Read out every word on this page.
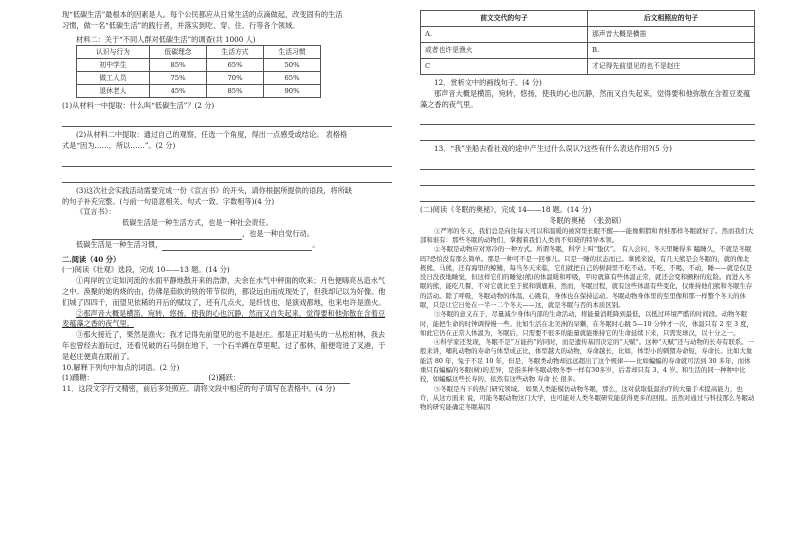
现“低碳生活”最根本的因素是人。每个公民都应从日常生活的点滴做起，改变固有的生活

习惯，做一名“低碳生活”的践行者，并落实到吃、穿、住、行等各个领域。

材料二：关于“不同人群对低碳生活”的调查(共 1000 人)

认识与行为	低碳理念	生活方式	生活习惯
初中学生	85%	65%	50%
做工人员	75%	70%	65%
退休老人	45%	85%	90%

(1)从材料一中提取：什么叫“低碳生活”？(2 分)

(2)从材料二中提取：通过自己的观察，任选一个角度，得出一点感受或结论。 表格格

式是“因为……，所以……”。(2 分)

(3)这次社会实践活动需要完成一份《宣言书》的开头，请你根据所提供的语段，将所缺

的句子补充完整。(与前一句语意相关、句式一致、字数相等)(4 分)

《宣言书》：

低碳生活是一种生活方式，也是一种社会责任。

，也是一种自觉行动。

低碳生活是一种生活习惯，	。

二.阅读（40 分）

(一)阅读《壮观》选段，完成 10——13 题。(14 分)

①再岸的立定如河流的水面平静地散开来的浩渺，夫余在水气中秤面的吹来；月色便嗨亮丛造水气之中。涣聚的她的烧的由，仿佛是茹软的铁的带节似的，都设远由而成现处了，但我却记以为好像。他们城了四四千，而望见依稀的开后的赋坟了，还有几点火，是纤忧也，是演戏都地，也来电许是渔火。

②那声音大概是横笛，宛转，悠扬，使我的心也沉静，然而又自失起来，觉得要和他弥散在含着豆麦蕴藻之香的夜气里。

③那火接近了，果然是渔火；我才记得先前望见的也不是赵庄。那是正对船头的一丛松柏林，我去年也曾经去游玩过，还看见破的石马倒在地下，一个石羊蹲在草里呢。过了那林，船便弯进了叉港，于是赵庄便真在眼前了。

10.解释下列句中加点的词语。(2 分)

(1)蹑糖：	(2)踊跃：

11．这段文字行文精密，前后多处照应。请将文段中相应的句子填写在表格中。(4 分)

前文交代的句子	后文相照应的句子
A.	那声音大概是横笛
或者也许是渔火	B.
C	才记得先前望见的也不是赵庄

12．赏析文中的画线句子。(4 分)

那声音大概是横笛，宛转，悠扬，使我的心也沉静，然而又自失起来，觉得要和他弥散在含着豆麦蕴藻之香的夜气里。

13．“我”坐船去看社戏的途中产生过什么误认?这些有什么表达作用?(5 分)

(二)阅读《冬眠的奥秘》，完成 14——18 题。(14 分)

冬眠的奥秘 （张劲硕）

①严寒的冬天，我们总是向往每天可以和温暖的被窝里长眠不醒——能像刺猬和青蛙那样冬眠就好了。然而我们大部和谁有：那些冬眠的动物们，掌握着我们人类尚不知晓的特异本领。

②冬眠是动物应对寒冷的一种方式。所谓冬眠，科学上叫“蛰伏”。 有人会问，冬天里睡得多 瞌睡久，不就是冬眠吗?恐怕没有那么简单。那是一种可不是一回事儿。只是一睡的状态而已。拿熊来说，有几天熊是会冬眠的，就的像北极熊、马熊，还有海里的鲸鳍，每当冬天来临，它们就把自己的树洞里不吃不动。不吃、不喝、不动，睡——就是仅是没日没夜地睡觉，但这样它们的睡觉(熊)的体温暖和呼吸，平时就算有些体温正常，就还会变和颤粉的危险。而进入冬眠的熊，能吃几餐，不对它就比至于熊和驯鹿难，然而，冬眠过程，就有这些体温有些变化，仅维持他们熊和冬眠生存的活动。除了呼吸，冬眠动物的体温、心跳有，身体也在保持运动。冬眠动物身体里的至里像和那一样整个冬天的休眠，只是让它日处在一半一二个冬天——这，就是冬眠与否的本质区别。

③冬眠的意义在于，尽量减少身体内部的生命活动，将能量消耗降到最低，以抵过环境严酷的时间段。动物冬眠时，能把生命的时钟调得慢一些。比如生活在北美洲的旱獭，在冬眠时心跳 5—10 分钟才一次，体温只有 2 至 3 度，如此它仍在正常人体温为，冬眠后，只需要不很多的能量就能维持它的生命延续下来，只需发球汉，以十分之一。

④科学家还发现，冬眠不是“万能药”的同时，而是遗传基因决定的“天赋”。这种“天赋”还与动物的长寿有联系。一般来讲，哺乳动物的寿命与体型成正比，体型越大的动物，寿命越长，比如，体型小的刺猬寿命短，寿命长。比如大象能活 80 年，兔子不足 10 年，但是，冬眠类动物却远远超出了这个规律——比如蝙蝠的寿命就可活到 30 多年，而体重只有蝙蝠的冬眠(树)的差异，是指多种冬眠动物冬季一样有30多岁，后者却只有 3、4 岁。和生活的同一种种中比较，如蝙蝠这些长寿的，依然有这些动物 寿命 长 很多。

⑤冬眠是当下的热门研究领域。 如果人类能模仿动物冬眠，那么，这对获取低温治疗的大量手术提高能力，也许，从这方面来 说，可能冬眠动物这门大学，也可能对人类冬眠研究能获得更多的回报。虽然对通过与科技那么冬眠动物的研究能确定冬眠基因
